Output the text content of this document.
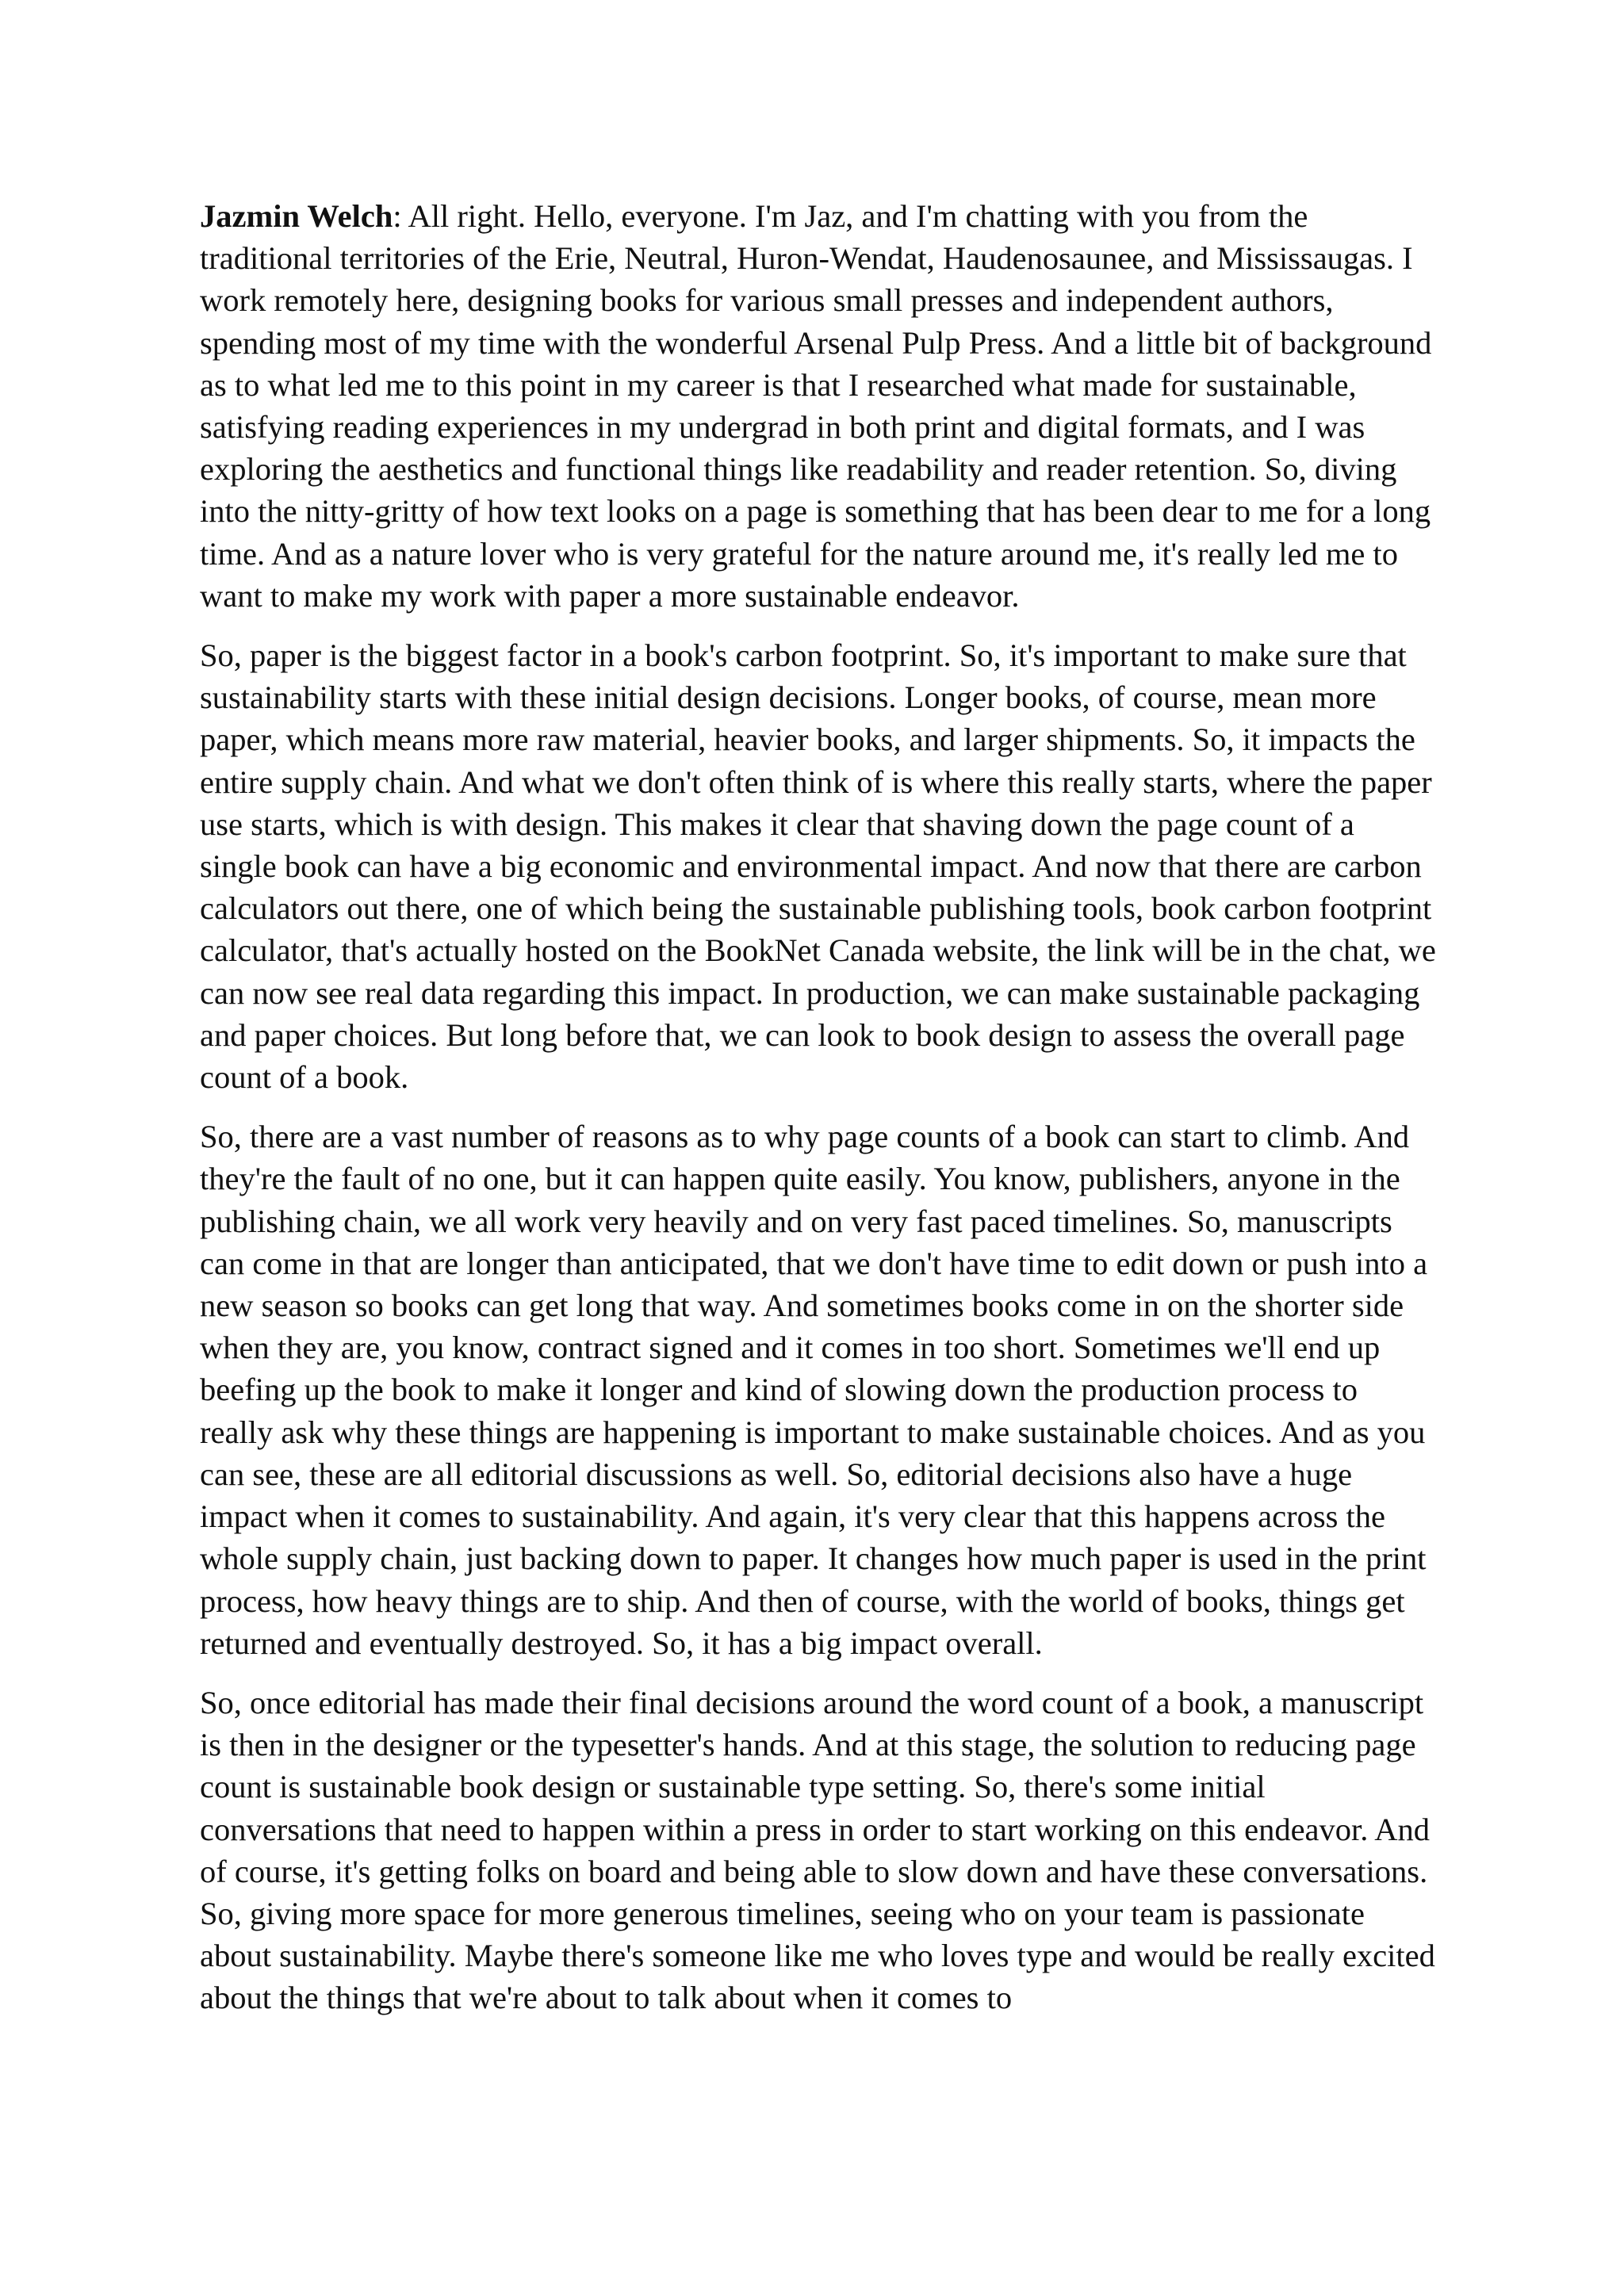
Jazmin Welch: All right. Hello, everyone. I'm Jaz, and I'm chatting with you from the traditional territories of the Erie, Neutral, Huron-Wendat, Haudenosaunee, and Mississaugas. I work remotely here, designing books for various small presses and independent authors, spending most of my time with the wonderful Arsenal Pulp Press. And a little bit of background as to what led me to this point in my career is that I researched what made for sustainable, satisfying reading experiences in my undergrad in both print and digital formats, and I was exploring the aesthetics and functional things like readability and reader retention. So, diving into the nitty-gritty of how text looks on a page is something that has been dear to me for a long time. And as a nature lover who is very grateful for the nature around me, it's really led me to want to make my work with paper a more sustainable endeavor.

So, paper is the biggest factor in a book's carbon footprint. So, it's important to make sure that sustainability starts with these initial design decisions. Longer books, of course, mean more paper, which means more raw material, heavier books, and larger shipments. So, it impacts the entire supply chain. And what we don't often think of is where this really starts, where the paper use starts, which is with design. This makes it clear that shaving down the page count of a single book can have a big economic and environmental impact. And now that there are carbon calculators out there, one of which being the sustainable publishing tools, book carbon footprint calculator, that's actually hosted on the BookNet Canada website, the link will be in the chat, we can now see real data regarding this impact. In production, we can make sustainable packaging and paper choices. But long before that, we can look to book design to assess the overall page count of a book.

So, there are a vast number of reasons as to why page counts of a book can start to climb. And they're the fault of no one, but it can happen quite easily. You know, publishers, anyone in the publishing chain, we all work very heavily and on very fast paced timelines. So, manuscripts can come in that are longer than anticipated, that we don't have time to edit down or push into a new season so books can get long that way. And sometimes books come in on the shorter side when they are, you know, contract signed and it comes in too short. Sometimes we'll end up beefing up the book to make it longer and kind of slowing down the production process to really ask why these things are happening is important to make sustainable choices. And as you can see, these are all editorial discussions as well. So, editorial decisions also have a huge impact when it comes to sustainability. And again, it's very clear that this happens across the whole supply chain, just backing down to paper. It changes how much paper is used in the print process, how heavy things are to ship. And then of course, with the world of books, things get returned and eventually destroyed. So, it has a big impact overall.

So, once editorial has made their final decisions around the word count of a book, a manuscript is then in the designer or the typesetter's hands. And at this stage, the solution to reducing page count is sustainable book design or sustainable type setting. So, there's some initial conversations that need to happen within a press in order to start working on this endeavor. And of course, it's getting folks on board and being able to slow down and have these conversations. So, giving more space for more generous timelines, seeing who on your team is passionate about sustainability. Maybe there's someone like me who loves type and would be really excited about the things that we're about to talk about when it comes to
